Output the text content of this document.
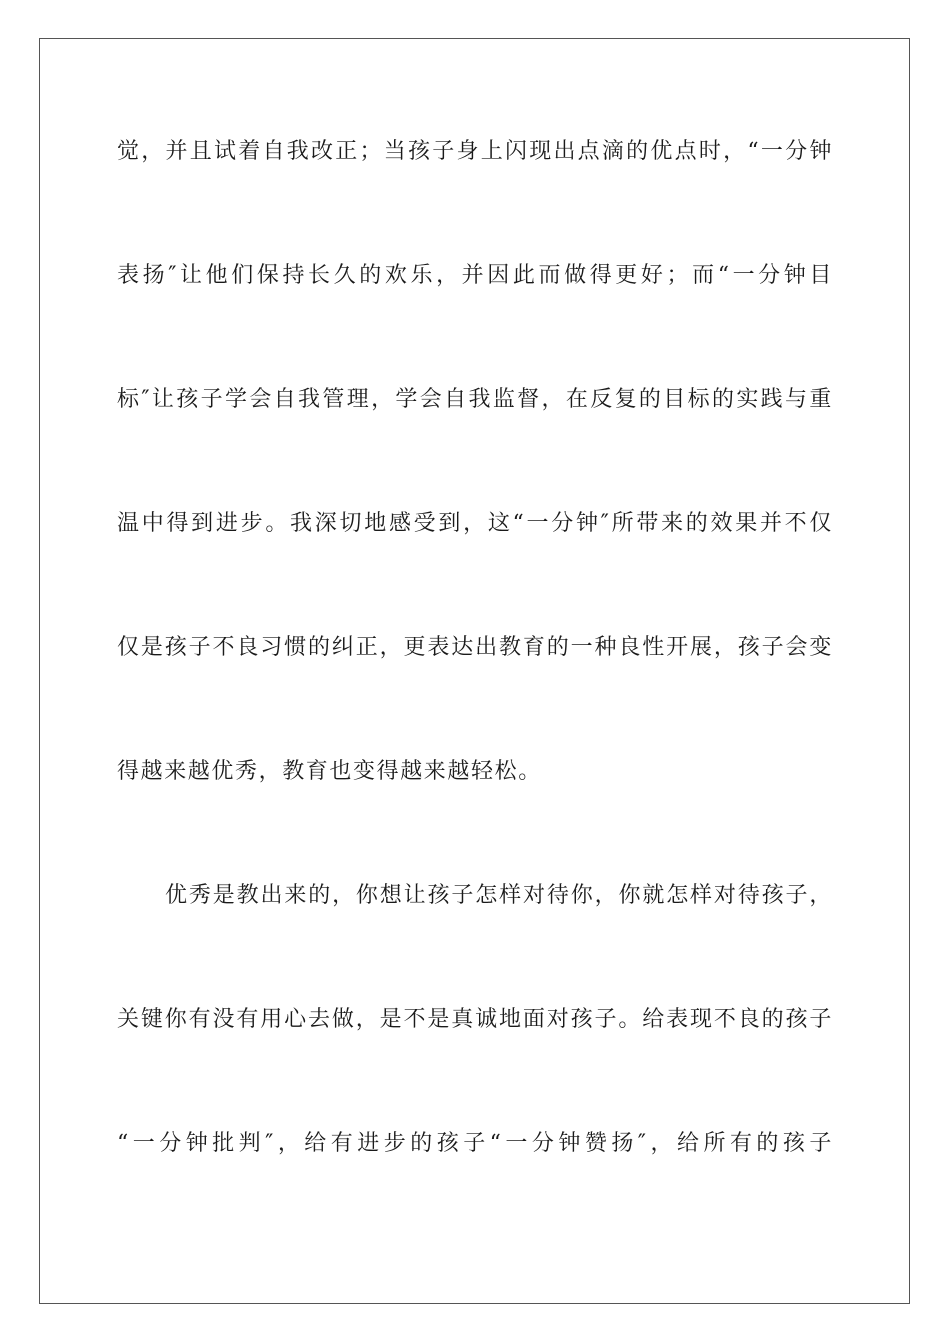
觉，并且试着自我改正；当孩子身上闪现出点滴的优点时，“一分钟
表扬″让他们保持长久的欢乐，并因此而做得更好；而“一分钟目
标″让孩子学会自我管理，学会自我监督，在反复的目标的实践与重
温中得到进步。我深切地感受到，这“一分钟″所带来的效果并不仅
仅是孩子不良习惯的纠正，更表达出教育的一种良性开展，孩子会变
得越来越优秀，教育也变得越来越轻松。
优秀是教出来的，你想让孩子怎样对待你，你就怎样对待孩子，
关键你有没有用心去做，是不是真诚地面对孩子。给表现不良的孩子
“一分钟批判″，给有进步的孩子“一分钟赞扬″，给所有的孩子
